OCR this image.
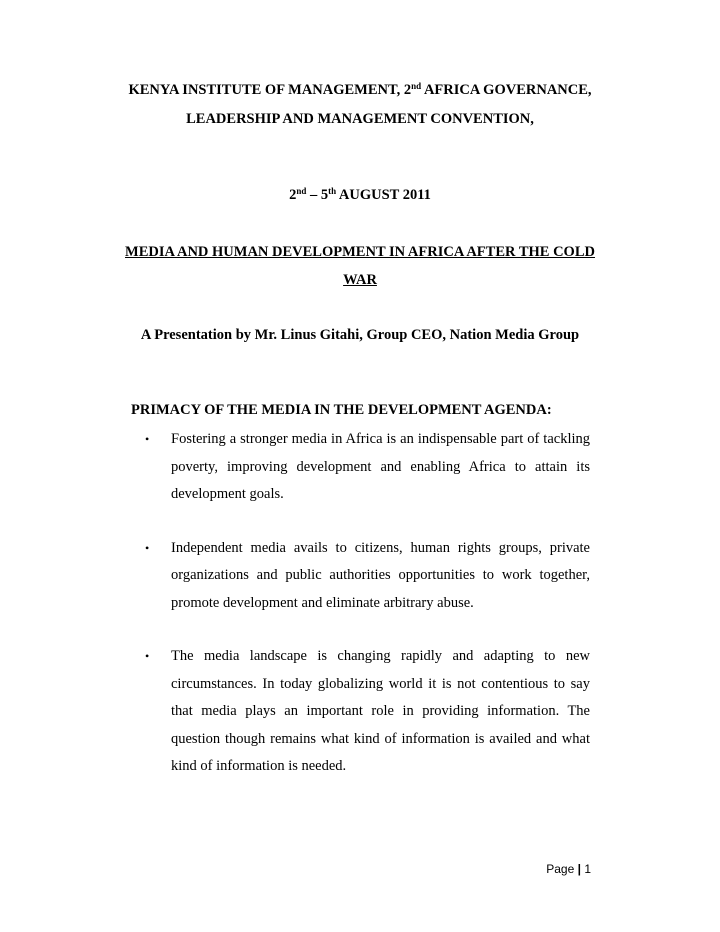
KENYA INSTITUTE OF MANAGEMENT, 2nd AFRICA GOVERNANCE, LEADERSHIP AND MANAGEMENT CONVENTION,
2nd – 5th AUGUST 2011
MEDIA AND HUMAN DEVELOPMENT IN AFRICA AFTER THE COLD WAR
A Presentation by Mr. Linus Gitahi, Group CEO, Nation Media Group
PRIMACY OF THE MEDIA IN THE DEVELOPMENT AGENDA:
• Fostering a stronger media in Africa is an indispensable part of tackling poverty, improving development and enabling Africa to attain its development goals.
• Independent media avails to citizens, human rights groups, private organizations and public authorities opportunities to work together, promote development and eliminate arbitrary abuse.
• The media landscape is changing rapidly and adapting to new circumstances. In today globalizing world it is not contentious to say that media plays an important role in providing information. The question though remains what kind of information is availed and what kind of information is needed.
Page | 1
